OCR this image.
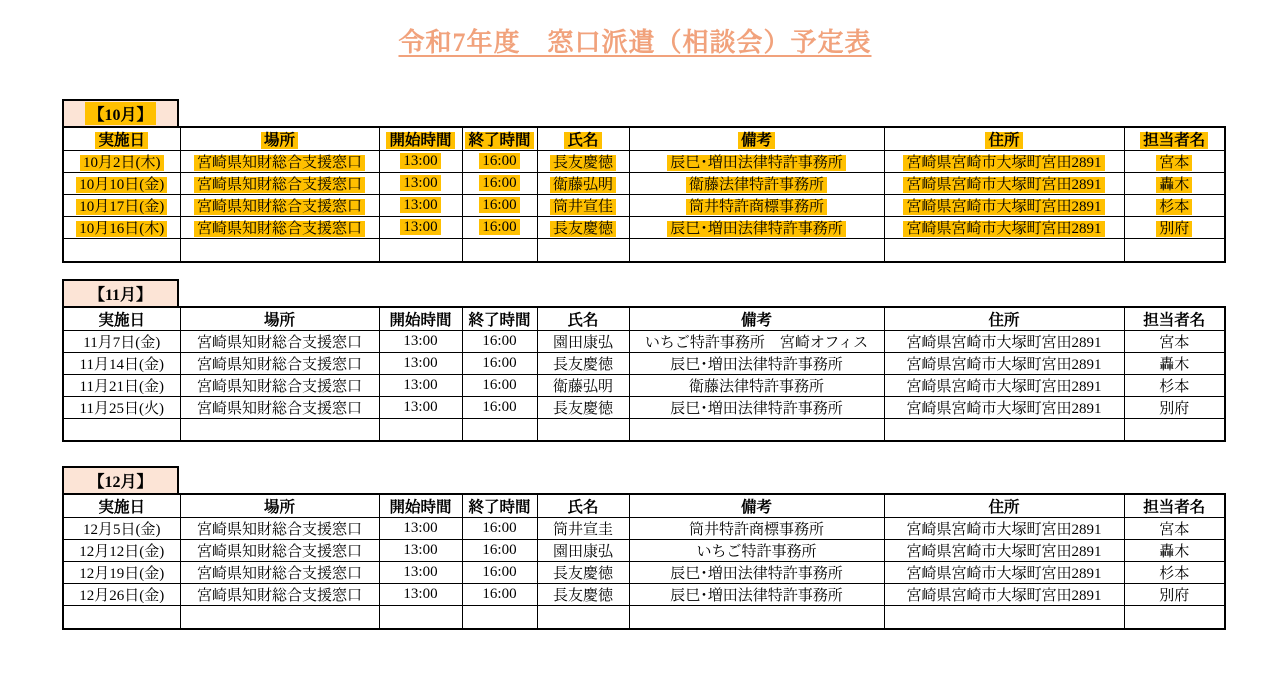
令和7年度　窓口派遣（相談会）予定表
【10月】
実施日	場所	開始時間	終了時間	氏名	備考	住所	担当者名
10月2日(木)	宮崎県知財総合支援窓口	13:00	16:00	長友慶徳	辰巳･増田法律特許事務所	宮崎県宮崎市大塚町宮田2891	宮本
10月10日(金)	宮崎県知財総合支援窓口	13:00	16:00	衛藤弘明	衛藤法律特許事務所	宮崎県宮崎市大塚町宮田2891	轟木
10月17日(金)	宮崎県知財総合支援窓口	13:00	16:00	筒井宣佳	筒井特許商標事務所	宮崎県宮崎市大塚町宮田2891	杉本
10月16日(木)	宮崎県知財総合支援窓口	13:00	16:00	長友慶徳	辰巳･増田法律特許事務所	宮崎県宮崎市大塚町宮田2891	別府

【11月】
実施日	場所	開始時間	終了時間	氏名	備考	住所	担当者名
11月7日(金)	宮崎県知財総合支援窓口	13:00	16:00	園田康弘	いちご特許事務所　宮崎オフィス	宮崎県宮崎市大塚町宮田2891	宮本
11月14日(金)	宮崎県知財総合支援窓口	13:00	16:00	長友慶徳	辰巳･増田法律特許事務所	宮崎県宮崎市大塚町宮田2891	轟木
11月21日(金)	宮崎県知財総合支援窓口	13:00	16:00	衛藤弘明	衛藤法律特許事務所	宮崎県宮崎市大塚町宮田2891	杉本
11月25日(火)	宮崎県知財総合支援窓口	13:00	16:00	長友慶徳	辰巳･増田法律特許事務所	宮崎県宮崎市大塚町宮田2891	別府

【12月】
実施日	場所	開始時間	終了時間	氏名	備考	住所	担当者名
12月5日(金)	宮崎県知財総合支援窓口	13:00	16:00	筒井宣圭	筒井特許商標事務所	宮崎県宮崎市大塚町宮田2891	宮本
12月12日(金)	宮崎県知財総合支援窓口	13:00	16:00	園田康弘	いちご特許事務所	宮崎県宮崎市大塚町宮田2891	轟木
12月19日(金)	宮崎県知財総合支援窓口	13:00	16:00	長友慶徳	辰巳･増田法律特許事務所	宮崎県宮崎市大塚町宮田2891	杉本
12月26日(金)	宮崎県知財総合支援窓口	13:00	16:00	長友慶徳	辰巳･増田法律特許事務所	宮崎県宮崎市大塚町宮田2891	別府
